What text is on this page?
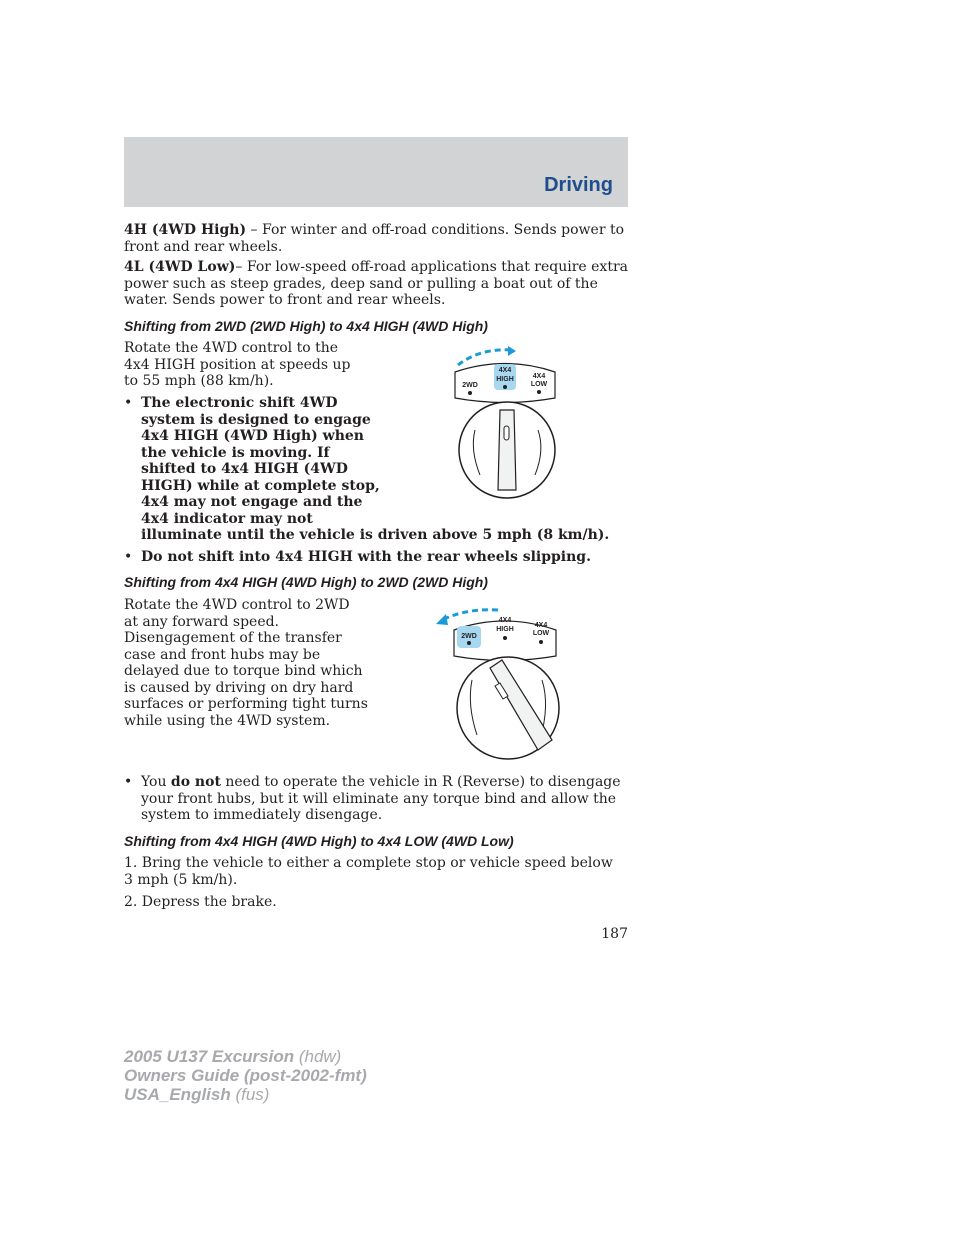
Driving

4H (4WD High) – For winter and off-road conditions. Sends power to front and rear wheels.

4L (4WD Low)– For low-speed off-road applications that require extra power such as steep grades, deep sand or pulling a boat out of the water. Sends power to front and rear wheels.

Shifting from 2WD (2WD High) to 4x4 HIGH (4WD High)
Rotate the 4WD control to the 4x4 HIGH position at speeds up to 55 mph (88 km/h).
• The electronic shift 4WD
system is designed to engage
4x4 HIGH (4WD High) when
the vehicle is moving. If
shifted to 4x4 HIGH (4WD
HIGH) while at complete stop,
4x4 may not engage and the
4x4 indicator may not
illuminate until the vehicle is driven above 5 mph (8 km/h).
• Do not shift into 4x4 HIGH with the rear wheels slipping.
2WD
4X4
HIGH	4X4
LOW
Shifting from 4x4 HIGH (4WD High) to 2WD (2WD High)
Rotate the 4WD control to 2WD at any forward speed. Disengagement of the transfer case and front hubs may be delayed due to torque bind which is caused by driving on dry hard surfaces or performing tight turns while using the 4WD system.
2WD
4X4
HIGH
4X4
LOW
• You do not need to operate the vehicle in R (Reverse) to disengage your front hubs, but it will eliminate any torque bind and allow the system to immediately disengage.
Shifting from 4x4 HIGH (4WD High) to 4x4 LOW (4WD Low)
1. Bring the vehicle to either a complete stop or vehicle speed below 3 mph (5 km/h).
2. Depress the brake.
187
2005 U137 Excursion (hdw)
Owners Guide (post-2002-fmt)
USA_English (fus)
